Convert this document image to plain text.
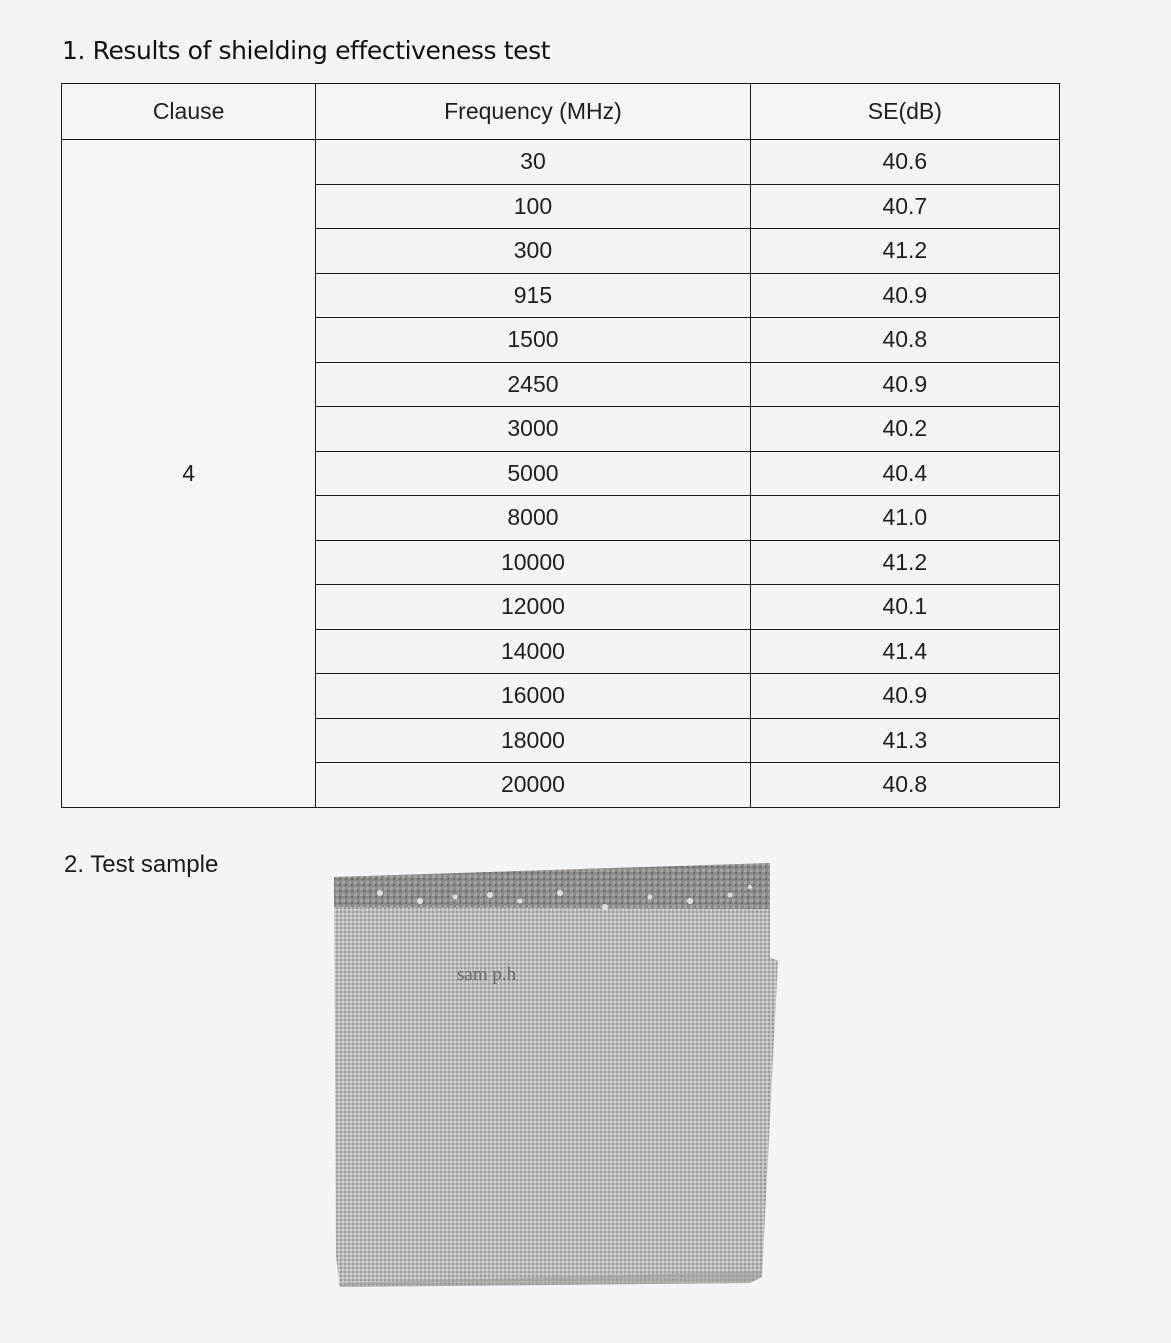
1. Results of shielding effectiveness test
Clause	Frequency (MHz)	SE(dB)
4	30	40.6
	100	40.7
	300	41.2
	915	40.9
	1500	40.8
	2450	40.9
	3000	40.2
	5000	40.4
	8000	41.0
	10000	41.2
	12000	40.1
	14000	41.4
	16000	40.9
	18000	41.3
	20000	40.8
2. Test sample
sam p.h
